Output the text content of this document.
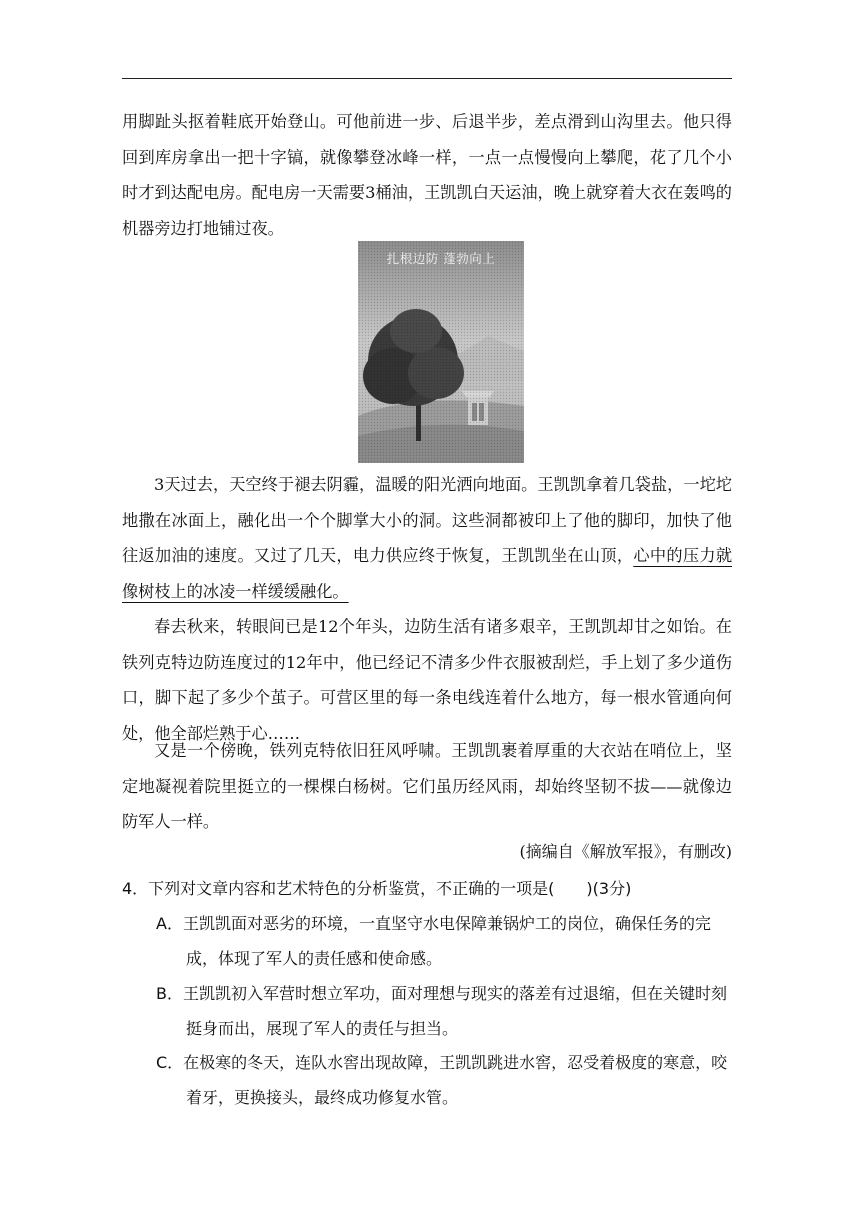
用脚趾头抠着鞋底开始登山。可他前进一步、后退半步，差点滑到山沟里去。他只得回到库房拿出一把十字镐，就像攀登冰峰一样，一点一点慢慢向上攀爬，花了几个小时才到达配电房。配电房一天需要3桶油，王凯凯白天运油，晚上就穿着大衣在轰鸣的机器旁边打地铺过夜。
扎根边防 蓬勃向上
3天过去，天空终于褪去阴霾，温暖的阳光洒向地面。王凯凯拿着几袋盐，一坨坨地撒在冰面上，融化出一个个脚掌大小的洞。这些洞都被印上了他的脚印，加快了他往返加油的速度。又过了几天，电力供应终于恢复，王凯凯坐在山顶，心中的压力就像树枝上的冰凌一样缓缓融化。
春去秋来，转眼间已是12个年头，边防生活有诸多艰辛，王凯凯却甘之如饴。在铁列克特边防连度过的12年中，他已经记不清多少件衣服被刮烂，手上划了多少道伤口，脚下起了多少个茧子。可营区里的每一条电线连着什么地方，每一根水管通向何处，他全部烂熟于心……
又是一个傍晚，铁列克特依旧狂风呼啸。王凯凯裹着厚重的大衣站在哨位上，坚定地凝视着院里挺立的一棵棵白杨树。它们虽历经风雨，却始终坚韧不拔——就像边防军人一样。
(摘编自《解放军报》，有删改)
4．下列对文章内容和艺术特色的分析鉴赏，不正确的一项是(　　)(3分)
A．王凯凯面对恶劣的环境，一直坚守水电保障兼锅炉工的岗位，确保任务的完成，体现了军人的责任感和使命感。
B．王凯凯初入军营时想立军功，面对理想与现实的落差有过退缩，但在关键时刻挺身而出，展现了军人的责任与担当。
C．在极寒的冬天，连队水窖出现故障，王凯凯跳进水窖，忍受着极度的寒意，咬着牙，更换接头，最终成功修复水管。
